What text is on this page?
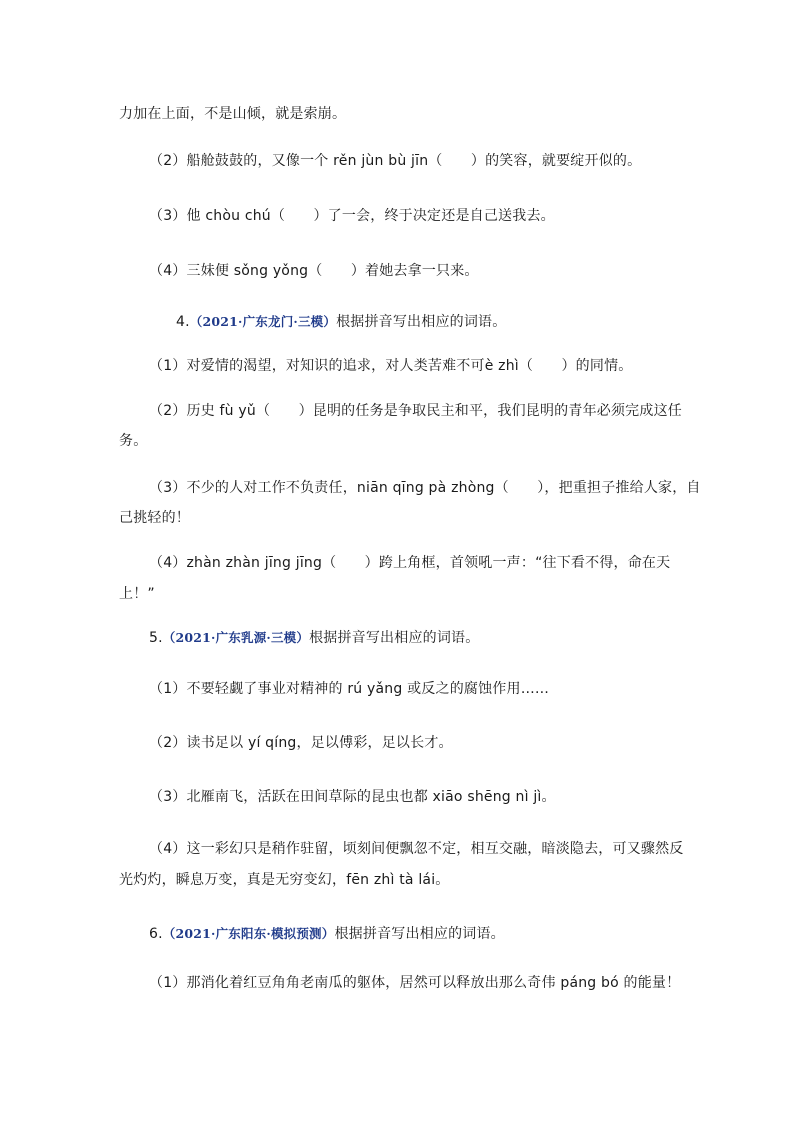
力加在上面，不是山倾，就是索崩。
（2）船舱鼓鼓的，又像一个 rěn jùn bù jīn（　　）的笑容，就要绽开似的。
（3）他 chòu chú（　　）了一会，终于决定还是自己送我去。
（4）三妹便 sǒng yǒng（　　）着她去拿一只来。
4.（2021·广东龙门·三模）根据拼音写出相应的词语。
（1）对爱情的渴望，对知识的追求，对人类苦难不可è zhì（　　）的同情。
（2）历史 fù yǔ（　　）昆明的任务是争取民主和平，我们昆明的青年必须完成这任
务。
（3）不少的人对工作不负责任，niān qīng pà zhòng（　　），把重担子推给人家，自
己挑轻的！
（4）zhàn zhàn jīng jīng（　　）跨上角框，首领吼一声：“往下看不得，命在天
上！”
5.（2021·广东乳源·三模）根据拼音写出相应的词语。
（1）不要轻觑了事业对精神的 rú yǎng 或反之的腐蚀作用……
（2）读书足以 yí qíng，足以傅彩，足以长才。
（3）北雁南飞，活跃在田间草际的昆虫也都 xiāo shēng nì jì。
（4）这一彩幻只是稍作驻留，顷刻间便飘忽不定，相互交融，暗淡隐去，可又骤然反
光灼灼，瞬息万变，真是无穷变幻，fēn zhì tà lái。
6.（2021·广东阳东·模拟预测）根据拼音写出相应的词语。
（1）那消化着红豆角角老南瓜的躯体，居然可以释放出那么奇伟 páng bó 的能量！
